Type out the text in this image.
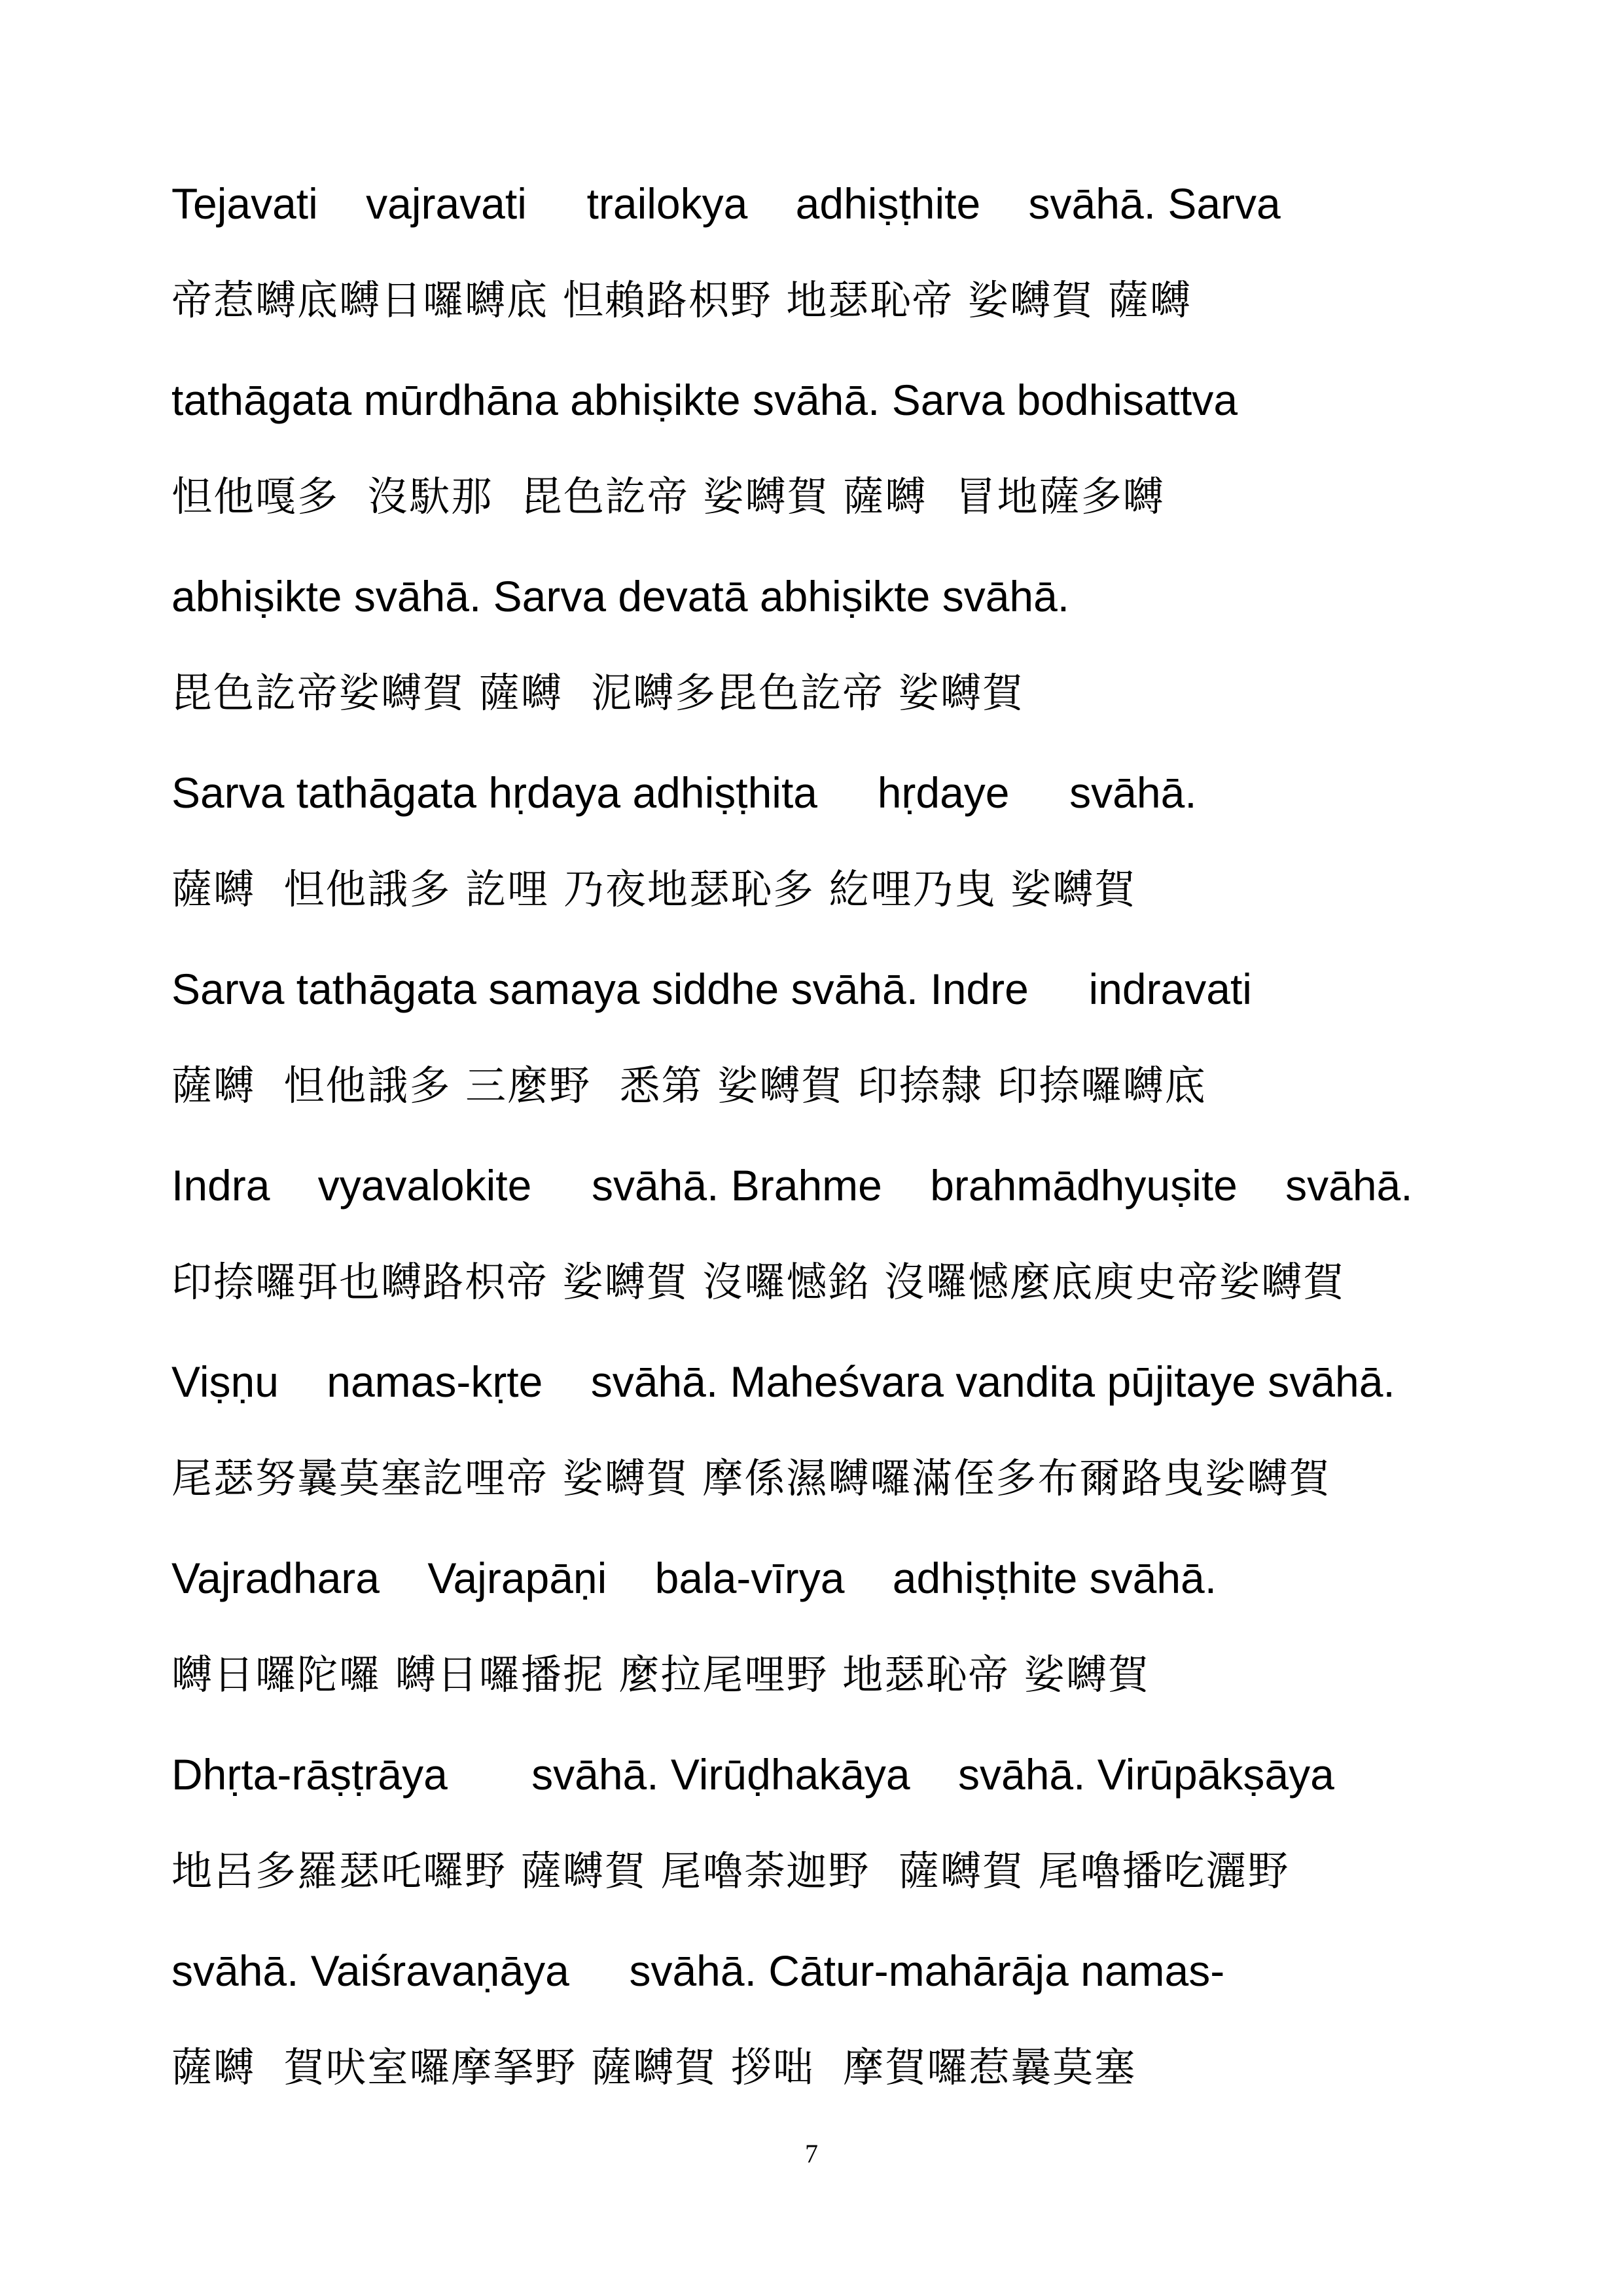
Tejavati    vajravati     trailokya    adhiṣṭhite    svāhā. Sarva
帝惹嚩底嚩日囉嚩底 怛賴路枳野 地瑟恥帝 娑嚩賀 薩嚩
tathāgata mūrdhāna abhiṣikte svāhā. Sarva bodhisattva
怛他嘎多  沒馱那  毘色訖帝 娑嚩賀 薩嚩  冒地薩多嚩
abhiṣikte svāhā. Sarva devatā abhiṣikte svāhā.
毘色訖帝娑嚩賀 薩嚩  泥嚩多毘色訖帝 娑嚩賀
Sarva tathāgata hṛdaya adhiṣṭhita     hṛdaye     svāhā.
薩嚩  怛他誐多 訖哩 乃夜地瑟恥多 紇哩乃曳 娑嚩賀
Sarva tathāgata samaya siddhe svāhā. Indre     indravati
薩嚩  怛他誐多 三麼野  悉第 娑嚩賀 印捺隸 印捺囉嚩底
Indra    vyavalokite     svāhā. Brahme    brahmādhyuṣite    svāhā.
印捺囉弭也嚩路枳帝 娑嚩賀 沒囉憾銘 沒囉憾麼底庾史帝娑嚩賀
Viṣṇu    namas-kṛte    svāhā. Maheśvara vandita pūjitaye svāhā.
尾瑟努曩莫塞訖哩帝 娑嚩賀 摩係濕嚩囉滿侄多布爾路曳娑嚩賀
Vajradhara    Vajrapāṇi    bala-vīrya    adhiṣṭhite svāhā.
嚩日囉陀囉 嚩日囉播抳 麼拉尾哩野 地瑟恥帝 娑嚩賀
Dhṛta-rāṣṭrāya       svāhā. Virūḍhakāya    svāhā. Virūpākṣāya
地呂多羅瑟吒囉野 薩嚩賀 尾嚕荼迦野  薩嚩賀 尾嚕播吃灑野
svāhā. Vaiśravaṇāya     svāhā. Cātur-mahārāja namas-
薩嚩  賀吠室囉摩拏野 薩嚩賀 拶咄  摩賀囉惹曩莫塞
7
